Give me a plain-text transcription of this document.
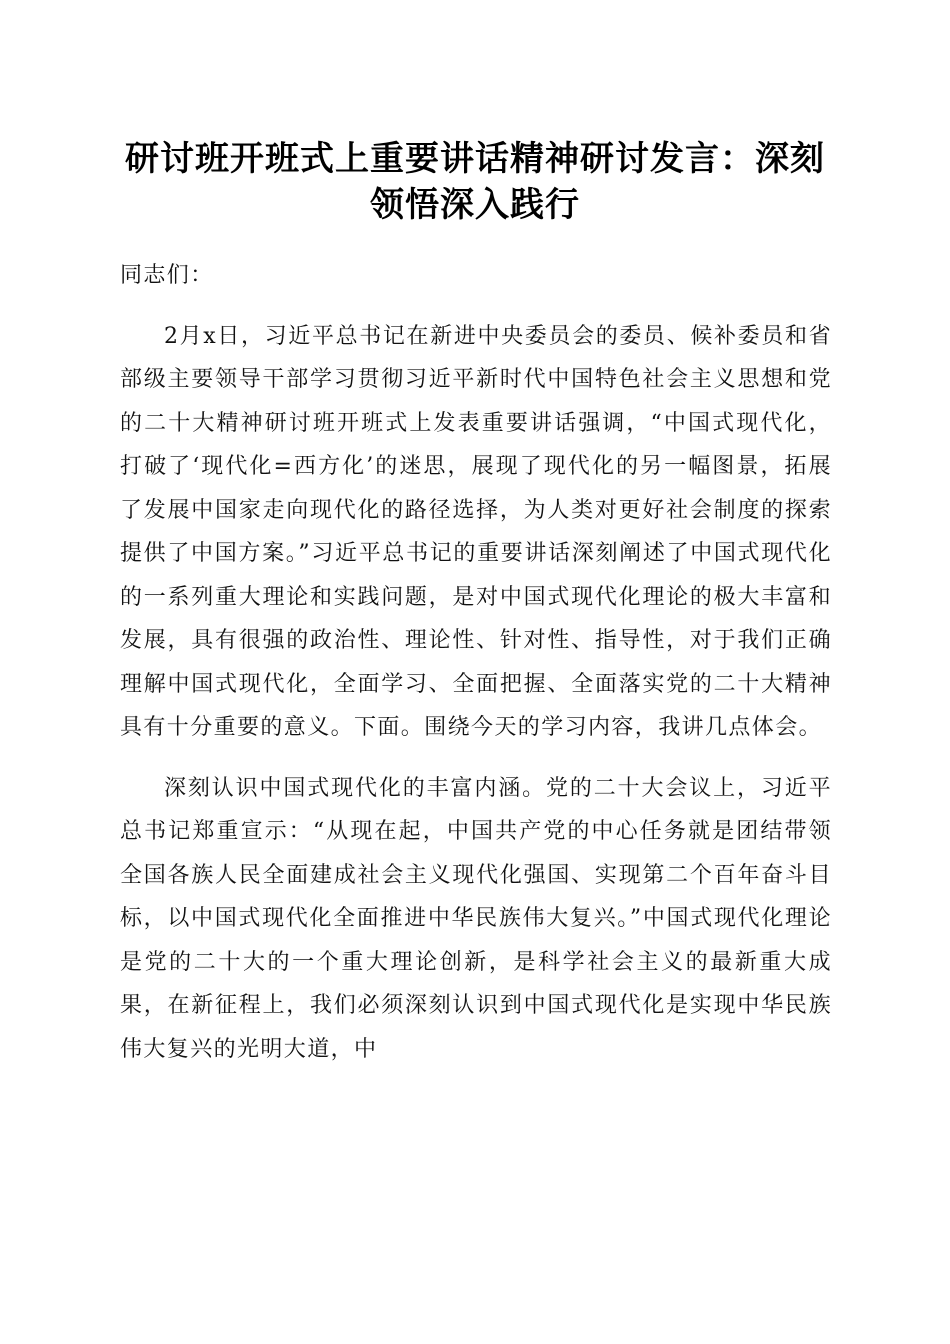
研讨班开班式上重要讲话精神研讨发言：深刻
领悟深入践行

同志们：

2月x日，习近平总书记在新进中央委员会的委员、候补委员和省部级主要领导干部学习贯彻习近平新时代中国特色社会主义思想和党的二十大精神研讨班开班式上发表重要讲话强调，“中国式现代化，打破了‘现代化=西方化’的迷思，展现了现代化的另一幅图景，拓展了发展中国家走向现代化的路径选择，为人类对更好社会制度的探索提供了中国方案。”习近平总书记的重要讲话深刻阐述了中国式现代化的一系列重大理论和实践问题，是对中国式现代化理论的极大丰富和发展，具有很强的政治性、理论性、针对性、指导性，对于我们正确理解中国式现代化，全面学习、全面把握、全面落实党的二十大精神具有十分重要的意义。下面。围绕今天的学习内容，我讲几点体会。

深刻认识中国式现代化的丰富内涵。党的二十大会议上，习近平总书记郑重宣示：“从现在起，中国共产党的中心任务就是团结带领全国各族人民全面建成社会主义现代化强国、实现第二个百年奋斗目标，以中国式现代化全面推进中华民族伟大复兴。”中国式现代化理论是党的二十大的一个重大理论创新，是科学社会主义的最新重大成果，在新征程上，我们必须深刻认识到中国式现代化是实现中华民族伟大复兴的光明大道，中
